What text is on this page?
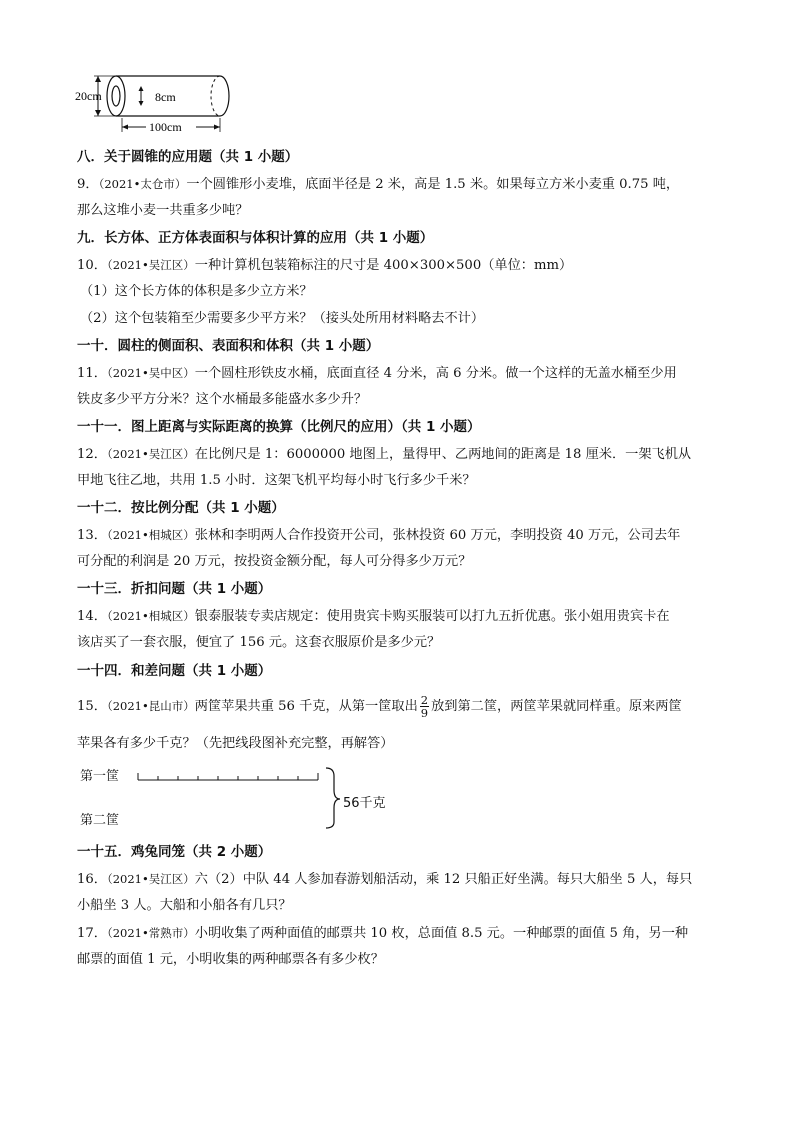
20cm	8cm
100cm
八．关于圆锥的应用题（共 1 小题）
9．（2021•太仓市）一个圆锥形小麦堆，底面半径是 2 米，高是 1.5 米。如果每立方米小麦重 0.75 吨，
那么这堆小麦一共重多少吨？
九．长方体、正方体表面积与体积计算的应用（共 1 小题）
10．（2021•吴江区）一种计算机包装箱标注的尺寸是 400×300×500（单位：mm）
（1）这个长方体的体积是多少立方米？
（2）这个包装箱至少需要多少平方米？（接头处所用材料略去不计）
一十．圆柱的侧面积、表面积和体积（共 1 小题）
11．（2021•吴中区）一个圆柱形铁皮水桶，底面直径 4 分米，高 6 分米。做一个这样的无盖水桶至少用
铁皮多少平方分米？这个水桶最多能盛水多少升？
一十一．图上距离与实际距离的换算（比例尺的应用）（共 1 小题）
12．（2021•吴江区）在比例尺是 1：6000000 地图上，量得甲、乙两地间的距离是 18 厘米．一架飞机从
甲地飞往乙地，共用 1.5 小时．这架飞机平均每小时飞行多少千米？
一十二．按比例分配（共 1 小题）
13．（2021•相城区）张林和李明两人合作投资开公司，张林投资 60 万元，李明投资 40 万元，公司去年
可分配的利润是 20 万元，按投资金额分配，每人可分得多少万元？
一十三．折扣问题（共 1 小题）
14．（2021•相城区）银泰服装专卖店规定：使用贵宾卡购买服装可以打九五折优惠。张小姐用贵宾卡在
该店买了一套衣服，便宜了 156 元。这套衣服原价是多少元？
一十四．和差问题（共 1 小题）
15．（2021•昆山市）两筐苹果共重 56 千克，从第一筐取出 $\frac{2}{9}$ 放到第二筐，两筐苹果就同样重。原来两筐
苹果各有多少千克？（先把线段图补充完整，再解答）
第一筐
第二筐
56千克
一十五．鸡兔同笼（共 2 小题）
16．（2021•吴江区）六（2）中队 44 人参加春游划船活动，乘 12 只船正好坐满。每只大船坐 5 人，每只
小船坐 3 人。大船和小船各有几只？
17．（2021•常熟市）小明收集了两种面值的邮票共 10 枚，总面值 8.5 元。一种邮票的面值 5 角，另一种
邮票的面值 1 元，小明收集的两种邮票各有多少枚？
